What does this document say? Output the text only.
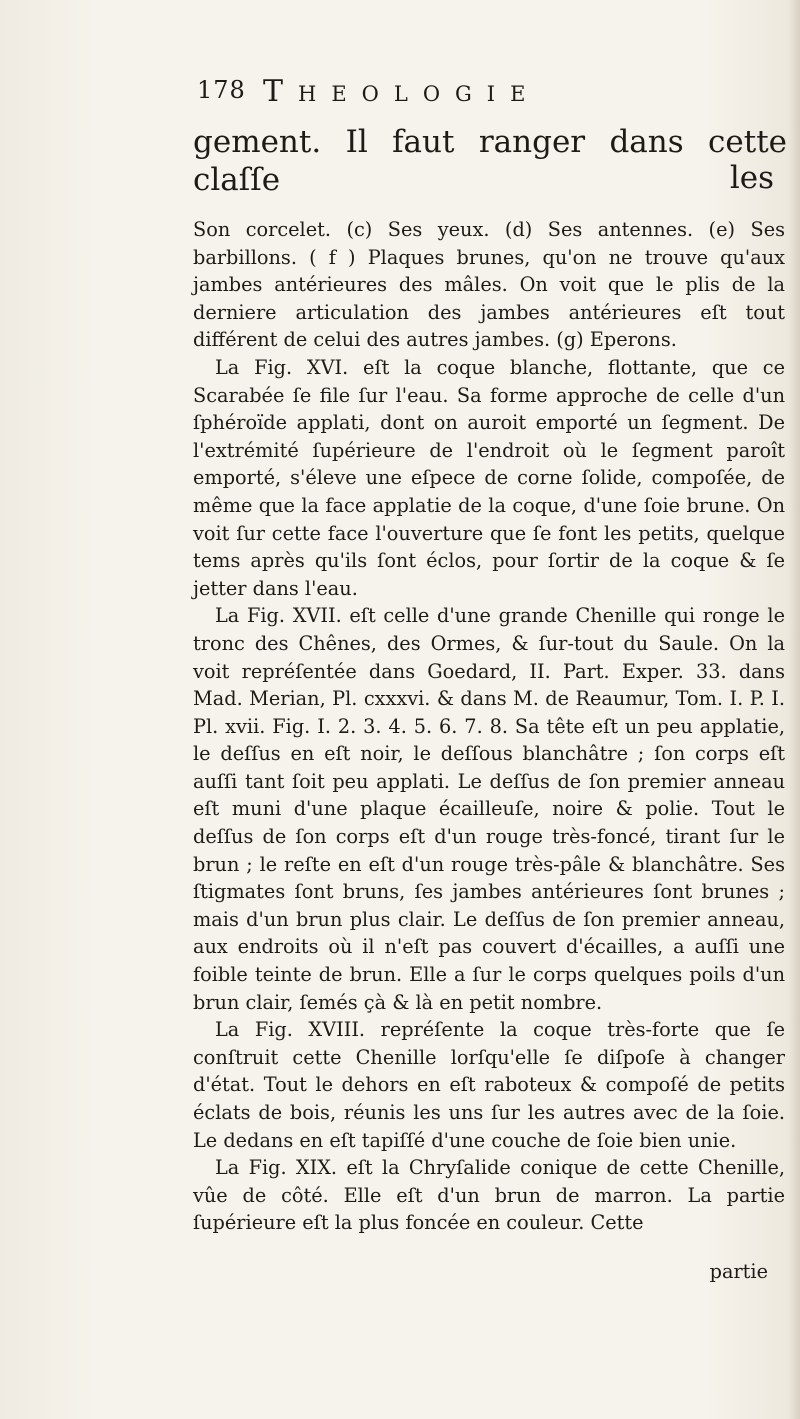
178 Theologie
gement. Il faut ranger dans cette claſſe	les

Son corcelet. (c) Ses yeux. (d) Ses antennes. (e) Ses barbillons. ( f ) Plaques brunes, qu'on ne trouve qu'aux jambes antérieures des mâles. On voit que le plis de la derniere articulation des jambes antérieures eſt tout différent de celui des autres jambes. (g) Eperons.

La Fig. XVI. eſt la coque blanche, flottante, que ce Scarabée ſe file ſur l'eau. Sa forme approche de celle d'un ſphéroïde applati, dont on auroit emporté un ſegment. De l'extrémité ſupérieure de l'endroit où le ſegment paroît emporté, s'éleve une eſpece de corne ſolide, compoſée, de même que la face applatie de la coque, d'une ſoie brune. On voit ſur cette face l'ouverture que ſe font les petits, quelque tems après qu'ils ſont éclos, pour ſortir de la coque & ſe jetter dans l'eau.

La Fig. XVII. eſt celle d'une grande Chenille qui ronge le tronc des Chênes, des Ormes, & ſur-tout du Saule. On la voit repréſentée dans Goedard, II. Part. Exper. 33. dans Mad. Merian, Pl. cxxxvi. & dans M. de Reaumur, Tom. I. P. I. Pl. xvii. Fig. I. 2. 3. 4. 5. 6. 7. 8. Sa tête eſt un peu applatie, le deſſus en eſt noir, le deſſous blanchâtre ; ſon corps eſt auſſi tant ſoit peu applati. Le deſſus de ſon premier anneau eſt muni d'une plaque écailleuſe, noire & polie. Tout le deſſus de ſon corps eſt d'un rouge très-foncé, tirant ſur le brun ; le reſte en eſt d'un rouge très-pâle & blanchâtre. Ses ſtigmates ſont bruns, ſes jambes antérieures ſont brunes ; mais d'un brun plus clair. Le deſſus de ſon premier anneau, aux endroits où il n'eſt pas couvert d'écailles, a auſſi une foible teinte de brun. Elle a ſur le corps quelques poils d'un brun clair, ſemés çà & là en petit nombre.

La Fig. XVIII. repréſente la coque très-forte que ſe conſtruit cette Chenille lorſqu'elle ſe diſpoſe à changer d'état. Tout le dehors en eſt raboteux & compoſé de petits éclats de bois, réunis les uns ſur les autres avec de la ſoie. Le dedans en eſt tapiſſé d'une couche de ſoie bien unie.

La Fig. XIX. eſt la Chryſalide conique de cette Chenille, vûe de côté. Elle eſt d'un brun de marron. La partie ſupérieure eſt la plus foncée en couleur. Cette

partie
